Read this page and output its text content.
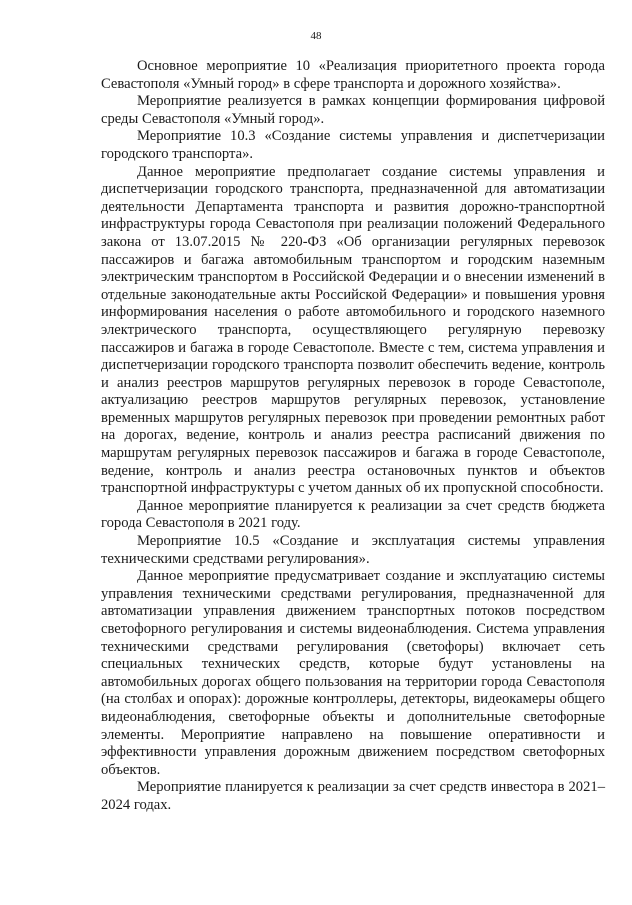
48

Основное мероприятие 10 «Реализация приоритетного проекта города Севастополя «Умный город» в сфере транспорта и дорожного хозяйства».

Мероприятие реализуется в рамках концепции формирования цифровой среды Севастополя «Умный город».

Мероприятие 10.3 «Создание системы управления и диспетчеризации городского транспорта».

Данное мероприятие предполагает создание системы управления и диспетчеризации городского транспорта, предназначенной для автоматизации деятельности Департамента транспорта и развития дорожно-транспортной инфраструктуры города Севастополя при реализации положений Федерального закона от 13.07.2015 № 220-ФЗ «Об организации регулярных перевозок пассажиров и багажа автомобильным транспортом и городским наземным электрическим транспортом в Российской Федерации и о внесении изменений в отдельные законодательные акты Российской Федерации» и повышения уровня информирования населения о работе автомобильного и городского наземного электрического транспорта, осуществляющего регулярную перевозку пассажиров и багажа в городе Севастополе. Вместе с тем, система управления и диспетчеризации городского транспорта позволит обеспечить ведение, контроль и анализ реестров маршрутов регулярных перевозок в городе Севастополе, актуализацию реестров маршрутов регулярных перевозок, установление временных маршрутов регулярных перевозок при проведении ремонтных работ на дорогах, ведение, контроль и анализ реестра расписаний движения по маршрутам регулярных перевозок пассажиров и багажа в городе Севастополе, ведение, контроль и анализ реестра остановочных пунктов и объектов транспортной инфраструктуры с учетом данных об их пропускной способности.

Данное мероприятие планируется к реализации за счет средств бюджета города Севастополя в 2021 году.

Мероприятие 10.5 «Создание и эксплуатация системы управления техническими средствами регулирования».

Данное мероприятие предусматривает создание и эксплуатацию системы управления техническими средствами регулирования, предназначенной для автоматизации управления движением транспортных потоков посредством светофорного регулирования и системы видеонаблюдения. Система управления техническими средствами регулирования (светофоры) включает сеть специальных технических средств, которые будут установлены на автомобильных дорогах общего пользования на территории города Севастополя (на столбах и опорах): дорожные контроллеры, детекторы, видеокамеры общего видеонаблюдения, светофорные объекты и дополнительные светофорные элементы. Мероприятие направлено на повышение оперативности и эффективности управления дорожным движением посредством светофорных объектов.

Мероприятие планируется к реализации за счет средств инвестора в 2021–2024 годах.
